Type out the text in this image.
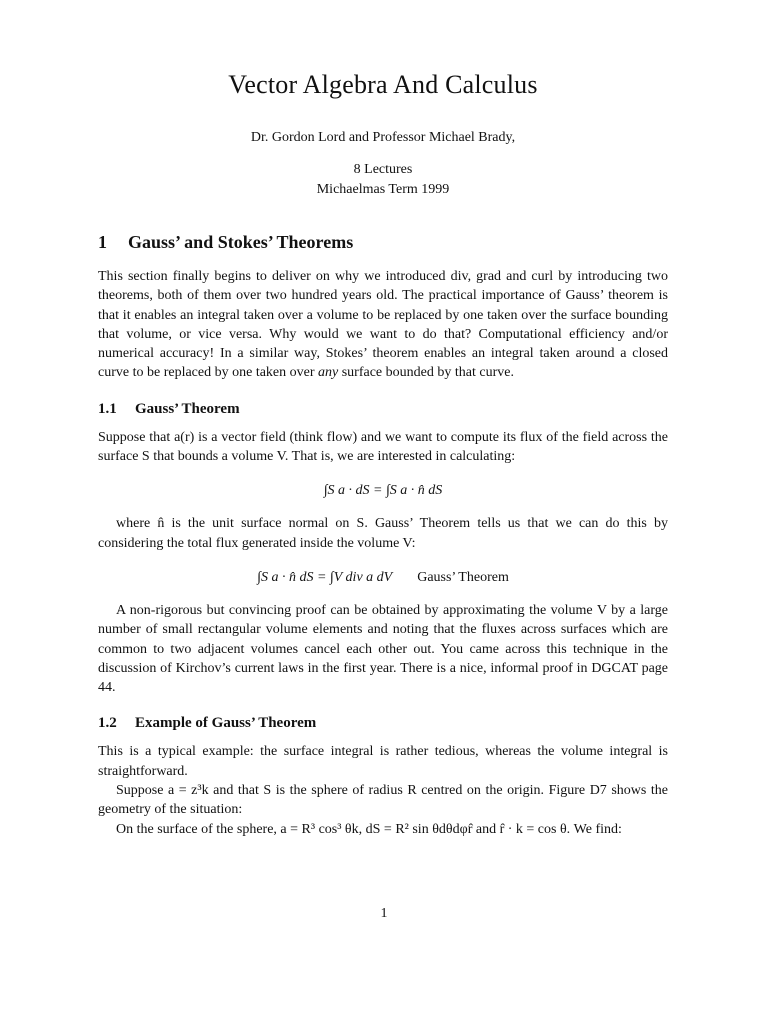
Vector Algebra And Calculus
Dr. Gordon Lord and Professor Michael Brady,
8 Lectures
Michaelmas Term 1999
1 Gauss’ and Stokes’ Theorems

This section finally begins to deliver on why we introduced div, grad and curl by introducing two theorems, both of them over two hundred years old. The practical importance of Gauss’ theorem is that it enables an integral taken over a volume to be replaced by one taken over the surface bounding that volume, or vice versa. Why would we want to do that? Computational efficiency and/or numerical accuracy! In a similar way, Stokes’ theorem enables an integral taken around a closed curve to be replaced by one taken over any surface bounded by that curve.

1.1 Gauss’ Theorem

Suppose that a(r) is a vector field (think flow) and we want to compute its flux of the field across the surface S that bounds a volume V. That is, we are interested in calculating:

∫S a · dS = ∫S a · n̂ dS

where n̂ is the unit surface normal on S. Gauss’ Theorem tells us that we can do this by considering the total flux generated inside the volume V:

∫S a · n̂ dS = ∫V div a dV Gauss’ Theorem

A non-rigorous but convincing proof can be obtained by approximating the volume V by a large number of small rectangular volume elements and noting that the fluxes across surfaces which are common to two adjacent volumes cancel each other out. You came across this technique in the discussion of Kirchov’s current laws in the first year. There is a nice, informal proof in DGCAT page 44.

1.2 Example of Gauss’ Theorem

This is a typical example: the surface integral is rather tedious, whereas the volume integral is straightforward.

Suppose a = z³k and that S is the sphere of radius R centred on the origin. Figure D7 shows the geometry of the situation:

On the surface of the sphere, a = R³ cos³ θk, dS = R² sin θdθdφr̂ and r̂ · k = cos θ. We find:

1
